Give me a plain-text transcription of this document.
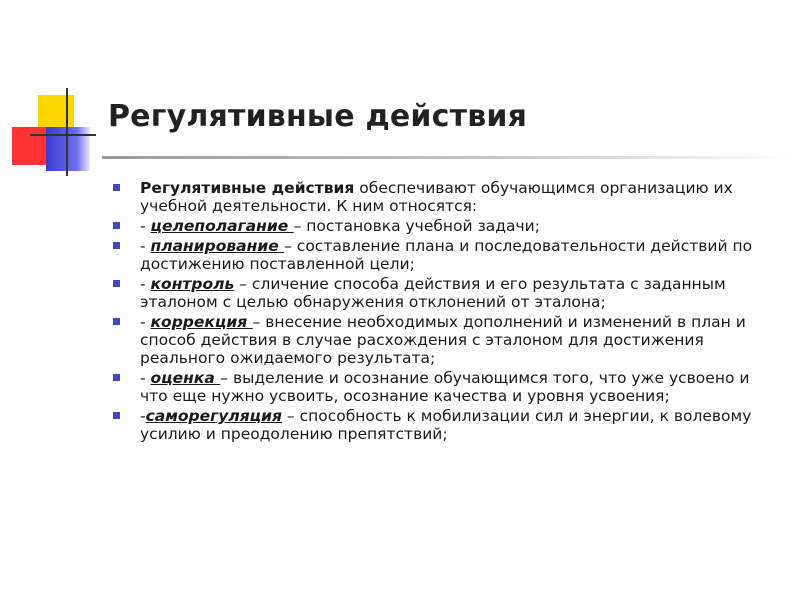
Регулятивные действия
Регулятивные действия обеспечивают обучающимся организацию их учебной деятельности. К ним относятся:
- целеполагание – постановка учебной задачи;
- планирование – составление плана и последовательности действий по достижению поставленной цели;
- контроль – сличение способа действия и его результата с заданным эталоном с целью обнаружения отклонений от эталона;
- коррекция – внесение необходимых дополнений и изменений в план и способ действия в случае расхождения с эталоном для достижения реального ожидаемого результата;
- оценка – выделение и осознание обучающимся того, что уже усвоено и что еще нужно усвоить, осознание качества и уровня усвоения;
-саморегуляция – способность к мобилизации сил и энергии, к волевому усилию и преодолению препятствий;
